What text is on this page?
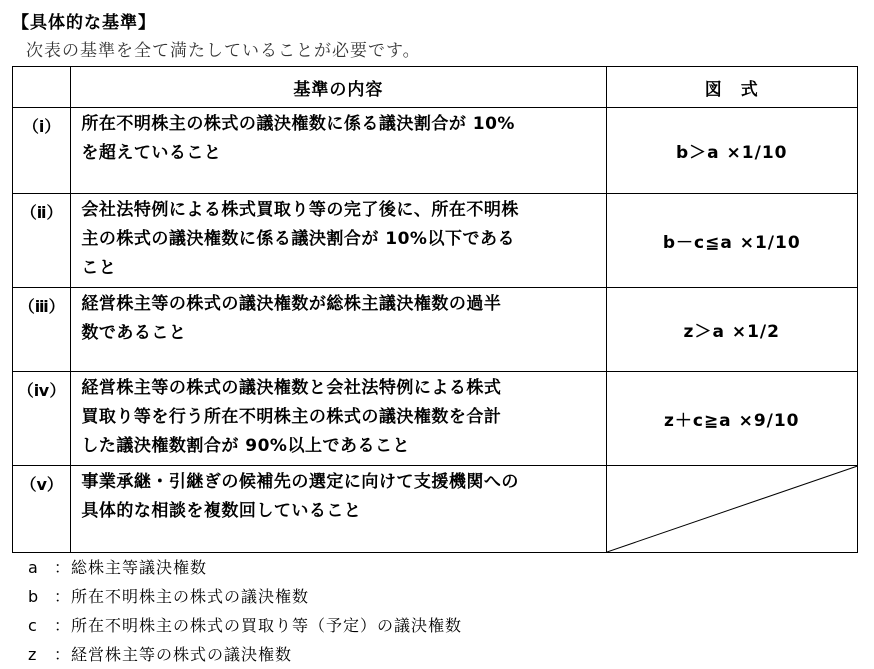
【具体的な基準】
次表の基準を全て満たしていることが必要です。
	基準の内容	図　式
（ⅰ）	所在不明株主の株式の議決権数に係る議決割合が 10%
を超えていること	b＞a ×1/10
（ⅱ）	会社法特例による株式買取り等の完了後に、所在不明株
主の株式の議決権数に係る議決割合が 10%以下である
こと	b－c≦a ×1/10
（ⅲ）	経営株主等の株式の議決権数が総株主議決権数の過半
数であること	z＞a ×1/2
（ⅳ）	経営株主等の株式の議決権数と会社法特例による株式
買取り等を行う所在不明株主の株式の議決権数を合計
した議決権数割合が 90%以上であること	z＋c≧a ×9/10
（ⅴ）	事業承継・引継ぎの候補先の選定に向けて支援機関への
具体的な相談を複数回していること

a ：総株主等議決権数
b ：所在不明株主の株式の議決権数
c ：所在不明株主の株式の買取り等（予定）の議決権数
z ：経営株主等の株式の議決権数
